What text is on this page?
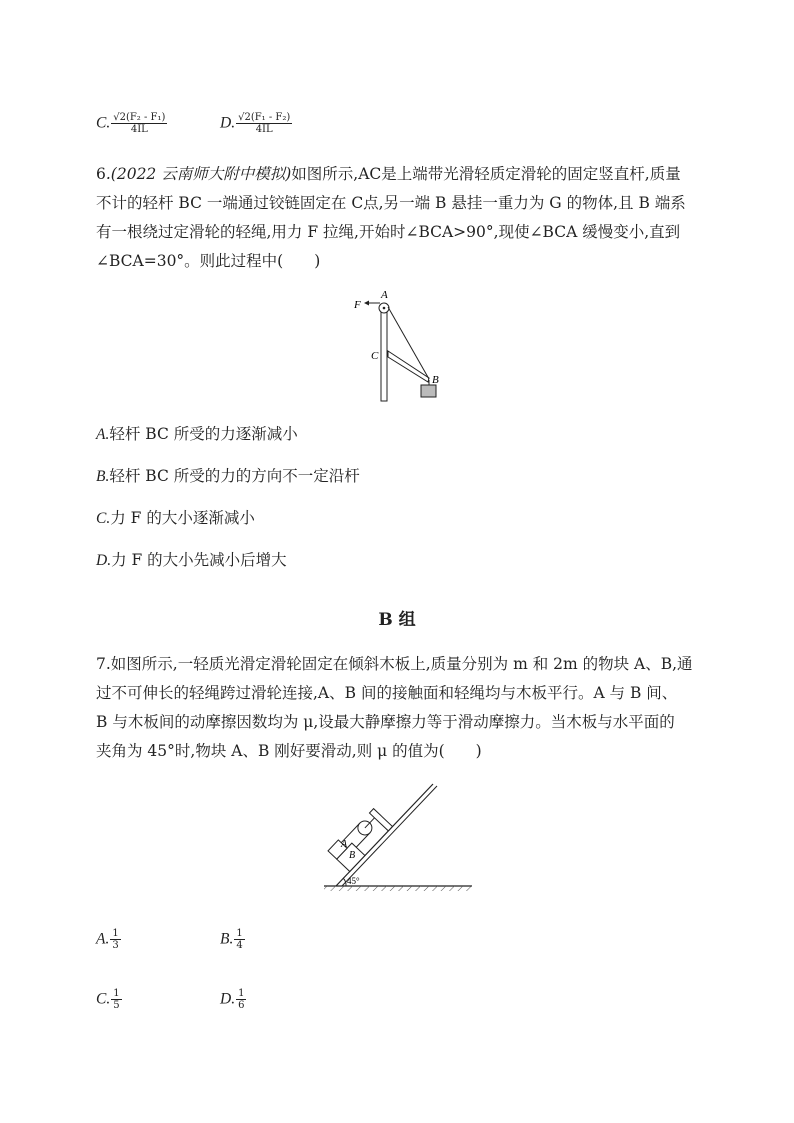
C. $\frac{\text{√2(F₂ - F₁)}}{4IL}$	D. $\frac{\text{√2(F₁ - F₂)}}{4IL}$
6.(2022 云南师大附中模拟)如图所示,AC是上端带光滑轻质定滑轮的固定竖直杆,质量
不计的轻杆 BC 一端通过铰链固定在 C点,另一端 B 悬挂一重力为 G 的物体,且 B 端系
有一根绕过定滑轮的轻绳,用力 F 拉绳,开始时∠BCA>90°,现使∠BCA 缓慢变小,直到
∠BCA=30°。则此过程中(　　)
F
A
C
B
A.轻杆 BC 所受的力逐渐减小
B.轻杆 BC 所受的力的方向不一定沿杆
C.力 F 的大小逐渐减小
D.力 F 的大小先减小后增大
B 组
7.如图所示,一轻质光滑定滑轮固定在倾斜木板上,质量分别为 m 和 2m 的物块 A、B,通
过不可伸长的轻绳跨过滑轮连接,A、B 间的接触面和轻绳均与木板平行。A 与 B 间、
B 与木板间的动摩擦因数均为 μ,设最大静摩擦力等于滑动摩擦力。当木板与水平面的
夹角为 45°时,物块 A、B 刚好要滑动,则 μ 的值为(　　)
A
B
45°
A. $\frac{1}{3}$	B. $\frac{1}{4}$
C. $\frac{1}{5}$	D. $\frac{1}{6}$
